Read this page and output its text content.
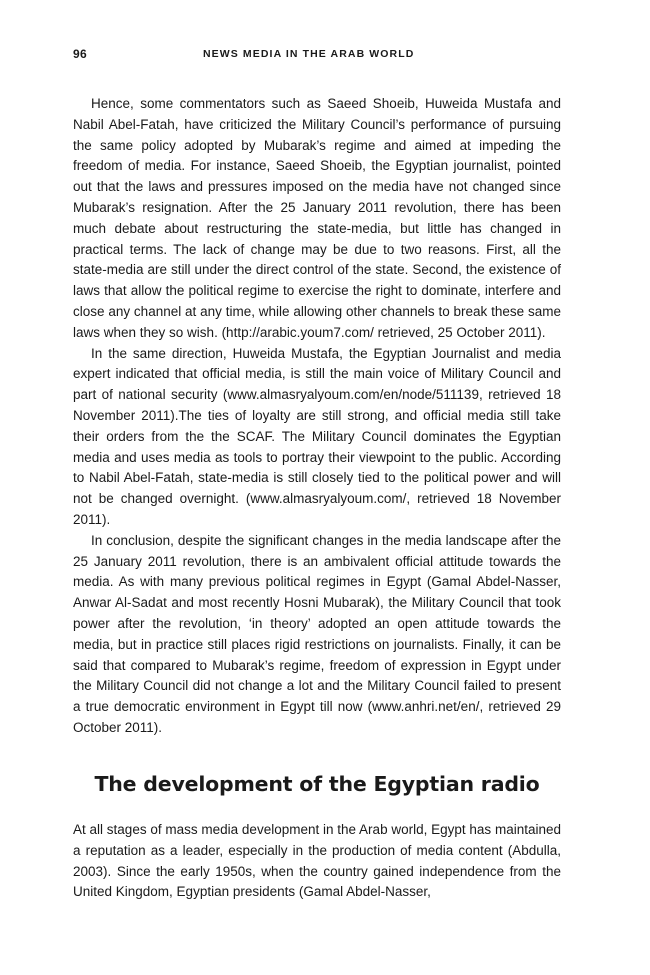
96	NEWS MEDIA IN THE ARAB WORLD

Hence, some commentators such as Saeed Shoeib, Huweida Mustafa and Nabil Abel-Fatah, have criticized the Military Council’s performance of pursuing the same policy adopted by Mubarak’s regime and aimed at impeding the freedom of media. For instance, Saeed Shoeib, the Egyptian journalist, pointed out that the laws and pressures imposed on the media have not changed since Mubarak’s resignation. After the 25 January 2011 revolution, there has been much debate about restructuring the state-media, but little has changed in practical terms. The lack of change may be due to two reasons. First, all the state-media are still under the direct control of the state. Second, the existence of laws that allow the political regime to exercise the right to dominate, interfere and close any channel at any time, while allowing other channels to break these same laws when they so wish. (http://arabic.​youm7.com/ retrieved, 25 October 2011).

In the same direction, Huweida Mustafa, the Egyptian Journalist and media expert indicated that official media, is still the main voice of Military Council and part of national security (www.almasryalyoum.com/en/node/511139, retrieved 18 November 2011).The ties of loyalty are still strong, and official media still take their orders from the the SCAF. The Military Council dominates the Egyptian media and uses media as tools to portray their viewpoint to the public. According to Nabil Abel-Fatah, state-media is still closely tied to the political power and will not be changed overnight. (www.almasryalyoum.​com/, retrieved 18 November 2011).

In conclusion, despite the significant changes in the media landscape after the 25 January 2011 revolution, there is an ambivalent official attitude towards the media. As with many previous political regimes in Egypt (Gamal Abdel-Nasser, Anwar Al-Sadat and most recently Hosni Mubarak), the Military Council that took power after the revolution, ‘in theory’ adopted an open attitude towards the media, but in practice still places rigid restrictions on journalists. Finally, it can be said that compared to Mubarak’s regime, freedom of expression in Egypt under the Military Council did not change a lot and the Military Council failed to present a true democratic environment in Egypt till now (www.anhri.net/en/, retrieved 29 October 2011).

The development of the Egyptian radio

At all stages of mass media development in the Arab world, Egypt has maintained a reputation as a leader, especially in the production of media content (Abdulla, 2003). Since the early 1950s, when the country gained independence from the United Kingdom, Egyptian presidents (Gamal Abdel-Nasser,
